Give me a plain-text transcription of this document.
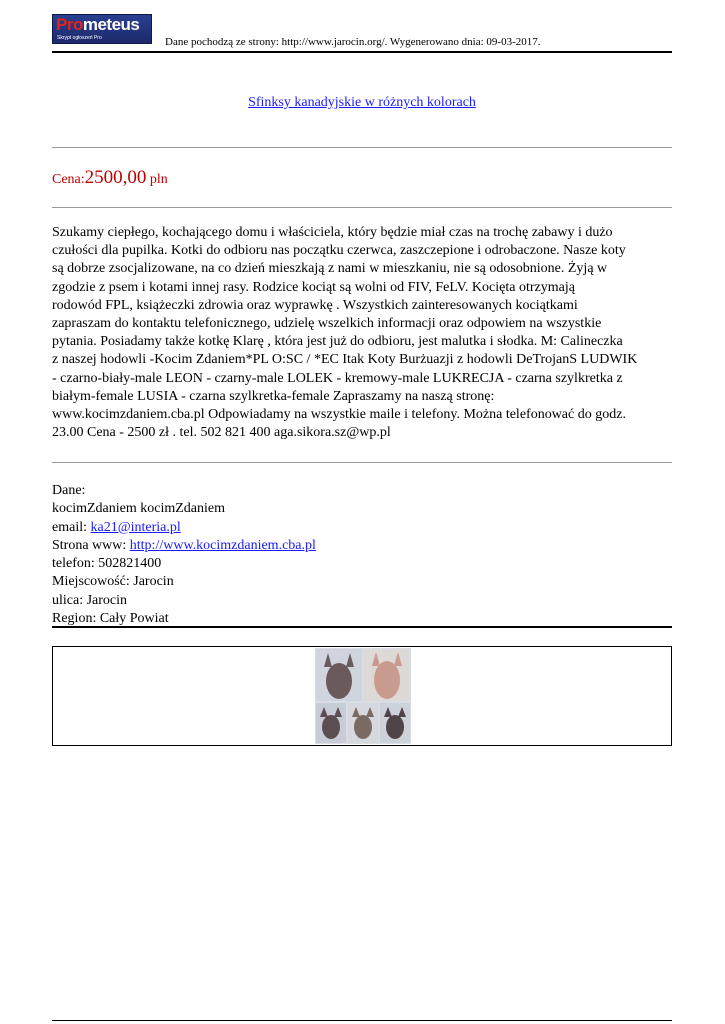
Prometeus
Skrypt ogłoszeń Pro	Dane pochodzą ze strony: http://www.jarocin.org/. Wygenerowano dnia: 09-03-2017.
Sfinksy kanadyjskie w różnych kolorach
Cena:2500,00 pln
Szukamy ciepłego, kochającego domu i właściciela, który będzie miał czas na trochę zabawy i dużo
czułości dla pupilka. Kotki do odbioru nas początku czerwca, zaszczepione i odrobaczone. Nasze koty
są dobrze zsocjalizowane, na co dzień mieszkają z nami w mieszkaniu, nie są odosobnione. Żyją w
zgodzie z psem i kotami innej rasy. Rodzice kociąt są wolni od FIV, FeLV. Kocięta otrzymają
rodowód FPL, książeczki zdrowia oraz wyprawkę . Wszystkich zainteresowanych kociątkami
zapraszam do kontaktu telefonicznego, udzielę wszelkich informacji oraz odpowiem na wszystkie
pytania. Posiadamy także kotkę Klarę , która jest już do odbioru, jest malutka i słodka. M: Calineczka
z naszej hodowli -Kocim Zdaniem*PL O:SC / *EC Itak Koty Burżuazji z hodowli DeTrojanS LUDWIK
- czarno-biały-male LEON - czarny-male LOLEK - kremowy-male LUKRECJA - czarna szylkretka z
białym-female LUSIA - czarna szylkretka-female Zapraszamy na naszą stronę:
www.kocimzdaniem.cba.pl Odpowiadamy na wszystkie maile i telefony. Można telefonować do godz.
23.00 Cena - 2500 zł . tel. 502 821 400 aga.sikora.sz@wp.pl
Dane:
kocimZdaniem kocimZdaniem
email: ka21@interia.pl
Strona www: http://www.kocimzdaniem.cba.pl
telefon: 502821400
Miejscowość: Jarocin
ulica: Jarocin
Region: Cały Powiat
